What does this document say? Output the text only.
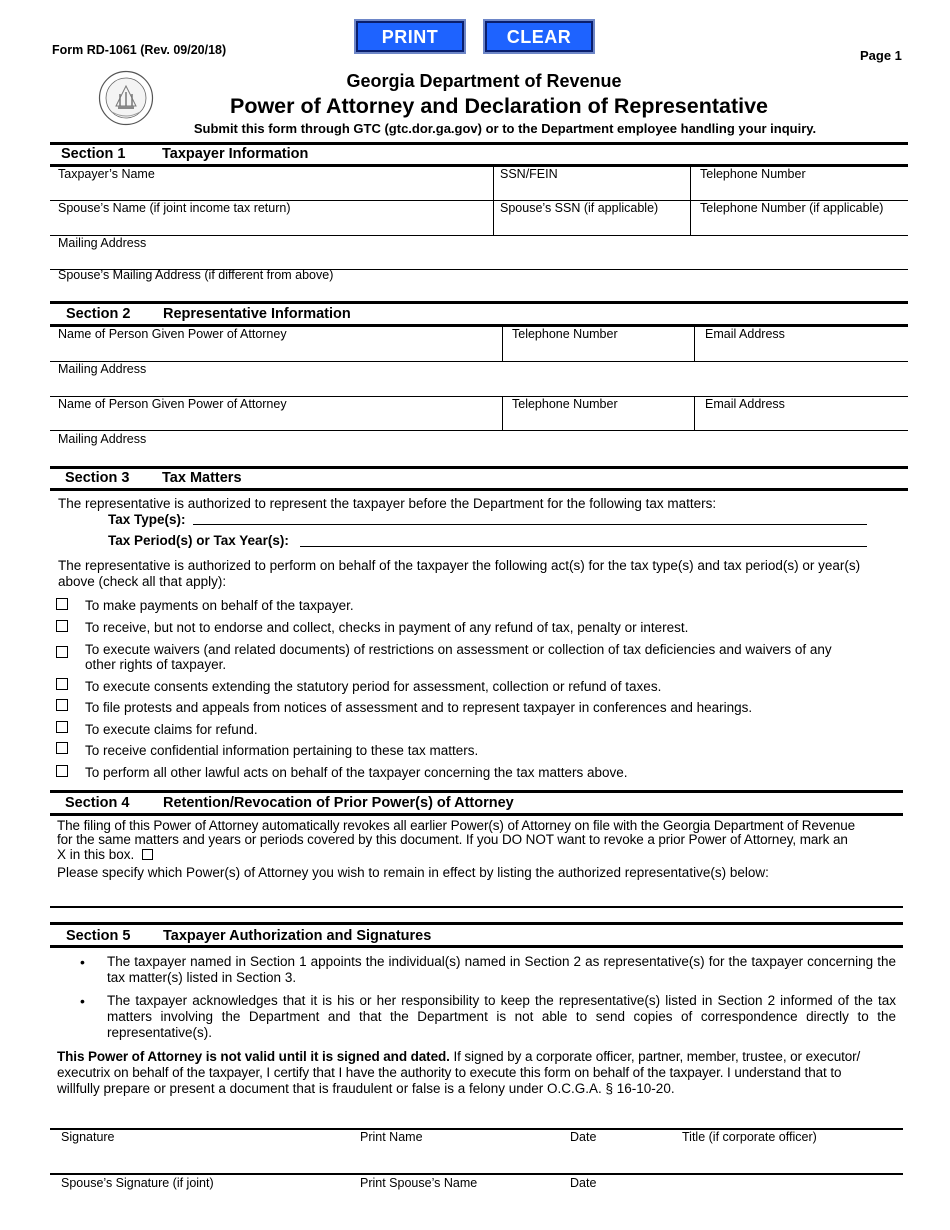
Form RD-1061 (Rev. 09/20/18)
PRINT	CLEAR
Page 1
Georgia Department of Revenue
Power of Attorney and Declaration of Representative
Submit this form through GTC (gtc.dor.ga.gov) or to the Department employee handling your inquiry.
Section 1	Taxpayer Information
Taxpayer’s Name	SSN/FEIN	Telephone Number
Spouse’s Name (if joint income tax return)	Spouse’s SSN (if applicable)	Telephone Number (if applicable)
Mailing Address
Spouse’s Mailing Address (if different from above)
Section 2 Representative Information
Name of Person Given Power of Attorney	Telephone Number	Email Address
Mailing Address
Name of Person Given Power of Attorney	Telephone Number	Email Address
Mailing Address
Section 3 Tax Matters
The representative is authorized to represent the taxpayer before the Department for the following tax matters:
Tax Type(s):
Tax Period(s) or Tax Year(s):
The representative is authorized to perform on behalf of the taxpayer the following act(s) for the tax type(s) and tax period(s) or year(s)
above (check all that apply):
To make payments on behalf of the taxpayer.
To receive, but not to endorse and collect, checks in payment of any refund of tax, penalty or interest.
To execute waivers (and related documents) of restrictions on assessment or collection of tax deficiencies and waivers of any
other rights of taxpayer.
To execute consents extending the statutory period for assessment, collection or refund of taxes.
To file protests and appeals from notices of assessment and to represent taxpayer in conferences and hearings.
To execute claims for refund.
To receive confidential information pertaining to these tax matters.
To perform all other lawful acts on behalf of the taxpayer concerning the tax matters above.
Section 4 Retention/Revocation of Prior Power(s) of Attorney
The filing of this Power of Attorney automatically revokes all earlier Power(s) of Attorney on file with the Georgia Department of Revenue
for the same matters and years or periods covered by this document. If you DO NOT want to revoke a prior Power of Attorney, mark an
X in this box.
Please specify which Power(s) of Attorney you wish to remain in effect by listing the authorized representative(s) below:
Section 5 Taxpayer Authorization and Signatures
• The taxpayer named in Section 1 appoints the individual(s) named in Section 2 as representative(s) for the taxpayer concerning the tax matter(s) listed in Section 3.
• The taxpayer acknowledges that it is his or her responsibility to keep the representative(s) listed in Section 2 informed of the tax matters involving the Department and that the Department is not able to send copies of correspondence directly to the representative(s).
This Power of Attorney is not valid until it is signed and dated. If signed by a corporate officer, partner, member, trustee, or executor/
executrix on behalf of the taxpayer, I certify that I have the authority to execute this form on behalf of the taxpayer. I understand that to
willfully prepare or present a document that is fraudulent or false is a felony under O.C.G.A. § 16-10-20.
Signature	Print Name	Date	Title (if corporate officer)
Spouse’s Signature (if joint)	Print Spouse’s Name	Date
